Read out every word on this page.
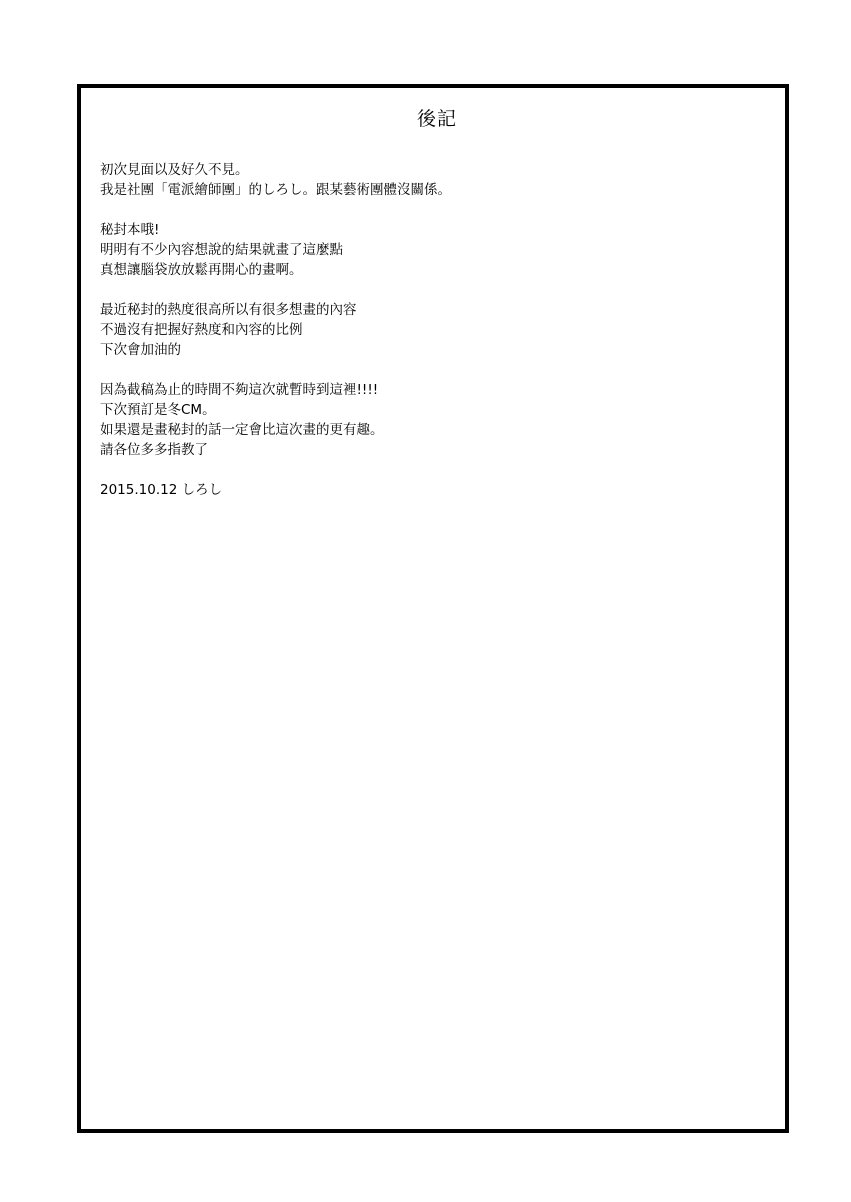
後記
初次見面以及好久不見。
我是社團「電派繪師團」的しろし。跟某藝術團體沒關係。
秘封本哦!
明明有不少內容想說的結果就畫了這麼點
真想讓腦袋放放鬆再開心的畫啊。
最近秘封的熱度很高所以有很多想畫的內容
不過沒有把握好熱度和內容的比例
下次會加油的
因為截稿為止的時間不夠這次就暫時到這裡!!!!
下次預訂是冬CM。
如果還是畫秘封的話一定會比這次畫的更有趣。
請各位多多指教了
2015.10.12 しろし
